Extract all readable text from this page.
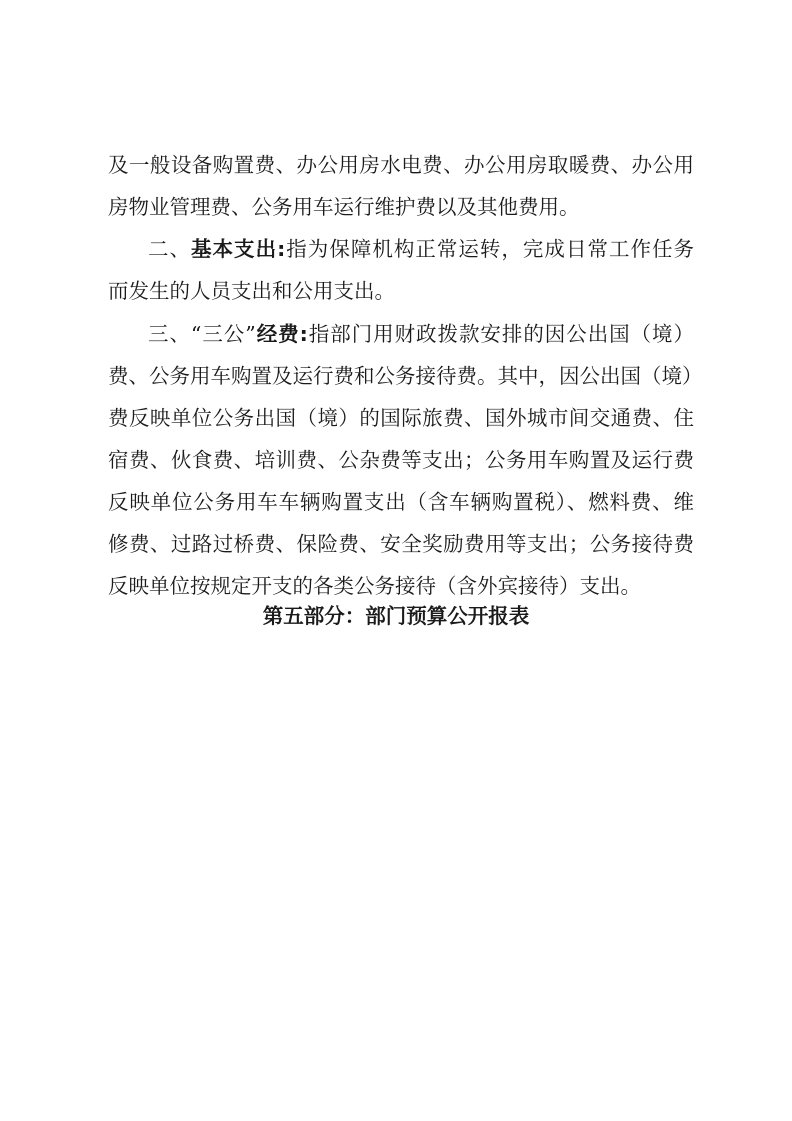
及一般设备购置费、办公用房水电费、办公用房取暖费、办公用
房物业管理费、公务用车运行维护费以及其他费用。
二、基本支出:指为保障机构正常运转，完成日常工作任务
而发生的人员支出和公用支出。
三、“三公”经费:指部门用财政拨款安排的因公出国（境）
费、公务用车购置及运行费和公务接待费。其中，因公出国（境）
费反映单位公务出国（境）的国际旅费、国外城市间交通费、住
宿费、伙食费、培训费、公杂费等支出；公务用车购置及运行费
反映单位公务用车车辆购置支出（含车辆购置税）、燃料费、维
修费、过路过桥费、保险费、安全奖励费用等支出；公务接待费
反映单位按规定开支的各类公务接待（含外宾接待）支出。
第五部分：部门预算公开报表
